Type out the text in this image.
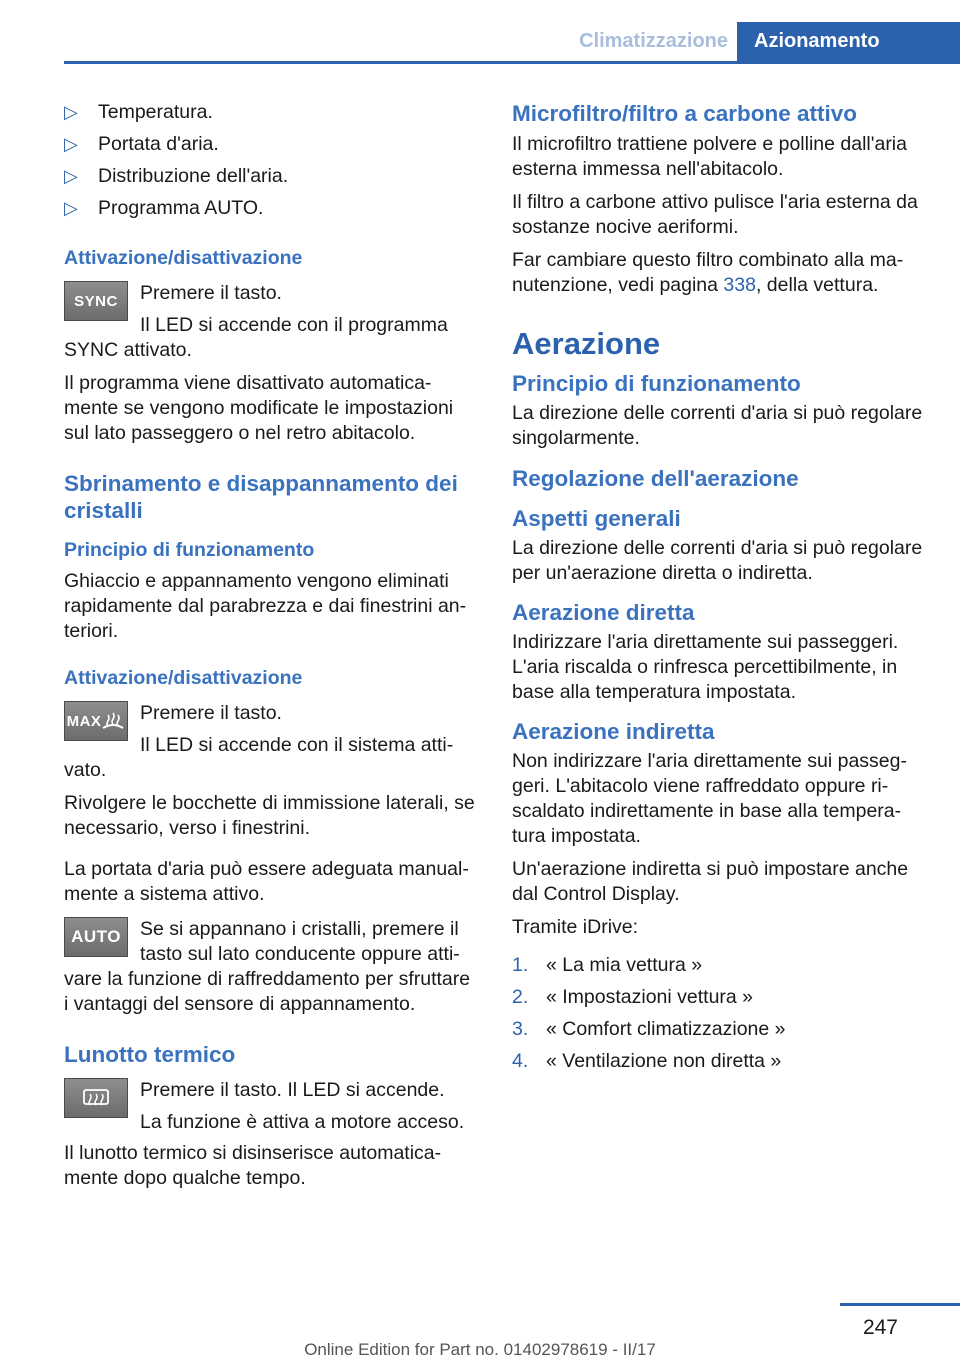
Climatizzazione	Azionamento
▷ Temperatura.
▷ Portata d'aria.
▷ Distribuzione dell'aria.
▷ Programma AUTO.
Attivazione/disattivazione
SYNC	Premere il tasto.

Il LED si accende con il programma

SYNC attivato.

Il programma viene disattivato automaticamente se vengono modificate le impostazioni sul lato passeggero o nel retro abitacolo.

Sbrinamento e disappannamento dei cristalli
Principio di funzionamento

Ghiaccio e appannamento vengono eliminati rapidamente dal parabrezza e dai finestrini anteriori.

Attivazione/disattivazione
MAX	Premere il tasto.

Il LED si accende con il sistema atti-

vato.

Rivolgere le bocchette di immissione laterali, se necessario, verso i finestrini.

La portata d'aria può essere adeguata manualmente a sistema attivo.

AUTO Se si appannano i cristalli, premere il

tasto sul lato conducente oppure atti-

vare la funzione di raffreddamento per sfruttare i vantaggi del sensore di appannamento.

Lunotto termico

Premere il tasto. Il LED si accende.

La funzione è attiva a motore acceso.

Il lunotto termico si disinserisce automaticamente dopo qualche tempo.

Microfiltro/filtro a carbone attivo

Il microfiltro trattiene polvere e polline dall'aria esterna immessa nell'abitacolo.

Il filtro a carbone attivo pulisce l'aria esterna da sostanze nocive aeriformi.

Far cambiare questo filtro combinato alla manutenzione, vedi pagina 338, della vettura.

Aerazione
Principio di funzionamento

La direzione delle correnti d'aria si può regolare singolarmente.

Regolazione dell'aerazione
Aspetti generali

La direzione delle correnti d'aria si può regolare per un'aerazione diretta o indiretta.

Aerazione diretta

Indirizzare l'aria direttamente sui passeggeri. L'aria riscalda o rinfresca percettibilmente, in base alla temperatura impostata.

Aerazione indiretta

Non indirizzare l'aria direttamente sui passeggeri. L'abitacolo viene raffreddato oppure riscaldato indirettamente in base alla temperatura impostata.

Un'aerazione indiretta si può impostare anche dal Control Display.

Tramite iDrive:

1. « La mia vettura »
2. « Impostazioni vettura »
3. « Comfort climatizzazione »
4. « Ventilazione non diretta »
247
Online Edition for Part no. 01402978619 - II/17
